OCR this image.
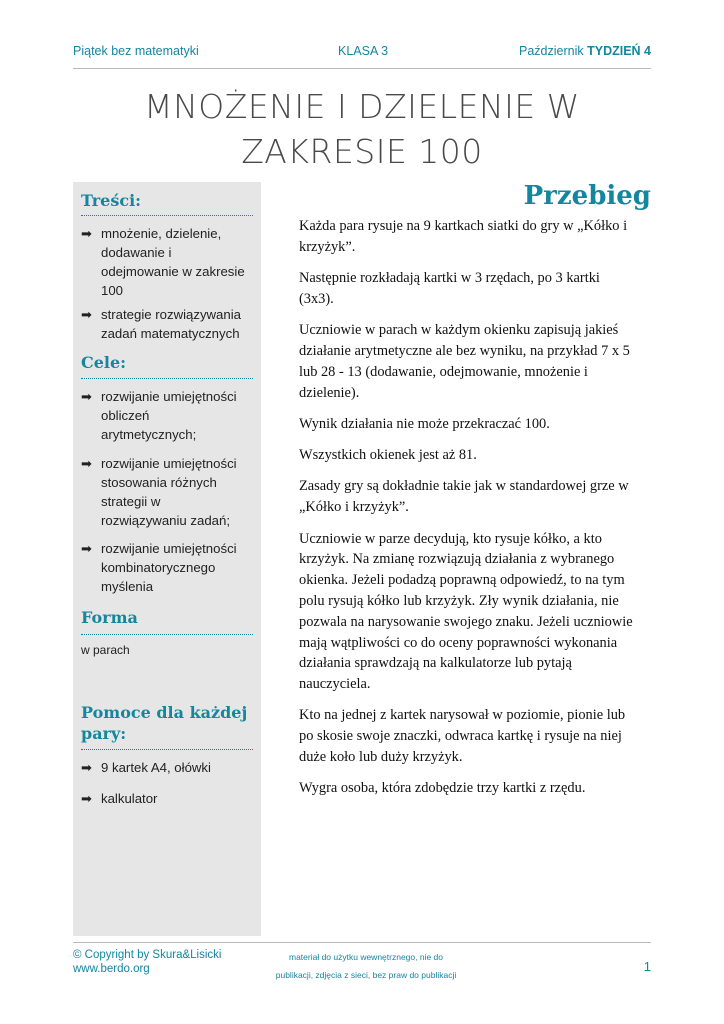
Piątek bez matematyki	KLASA 3	Październik TYDZIEŃ 4
MNOŻENIE I DZIELENIE W
ZAKRESIE 100
Treści:
➡ mnożenie, dzielenie,
dodawanie i
odejmowanie w zakresie
100
➡ strategie rozwiązywania
zadań matematycznych
Cele:
➡ rozwijanie umiejętności
obliczeń
arytmetycznych;
➡ rozwijanie umiejętności
stosowania różnych
strategii w
rozwiązywaniu zadań;
➡ rozwijanie umiejętności
kombinatorycznego
myślenia
Forma
w parach
Pomoce dla każdej
pary:
➡ 9 kartek A4, ołówki
➡ kalkulator
Przebieg

Każda para rysuje na 9 kartkach siatki do gry w „Kółko i
krzyżyk”.

Następnie rozkładają kartki w 3 rzędach, po 3 kartki
(3x3).

Uczniowie w parach w każdym okienku zapisują jakieś
działanie arytmetyczne ale bez wyniku, na przykład 7 x 5
lub 28 - 13 (dodawanie, odejmowanie, mnożenie i
dzielenie).

Wynik działania nie może przekraczać 100.

Wszystkich okienek jest aż 81.

Zasady gry są dokładnie takie jak w standardowej grze w
„Kółko i krzyżyk”.

Uczniowie w parze decydują, kto rysuje kółko, a kto
krzyżyk. Na zmianę rozwiązują działania z wybranego
okienka. Jeżeli podadzą poprawną odpowiedź, to na tym
polu rysują kółko lub krzyżyk. Zły wynik działania, nie
pozwala na narysowanie swojego znaku. Jeżeli uczniowie
mają wątpliwości co do oceny poprawności wykonania
działania sprawdzają na kalkulatorze lub pytają
nauczyciela.

Kto na jednej z kartek narysował w poziomie, pionie lub
po skosie swoje znaczki, odwraca kartkę i rysuje na niej
duże koło lub duży krzyżyk.

Wygra osoba, która zdobędzie trzy kartki z rzędu.

© Copyright by Skura&Lisicki
www.berdo.org
materiał do użytku wewnętrznego, nie do
publikacji, zdjęcia z sieci, bez praw do publikacji
1
